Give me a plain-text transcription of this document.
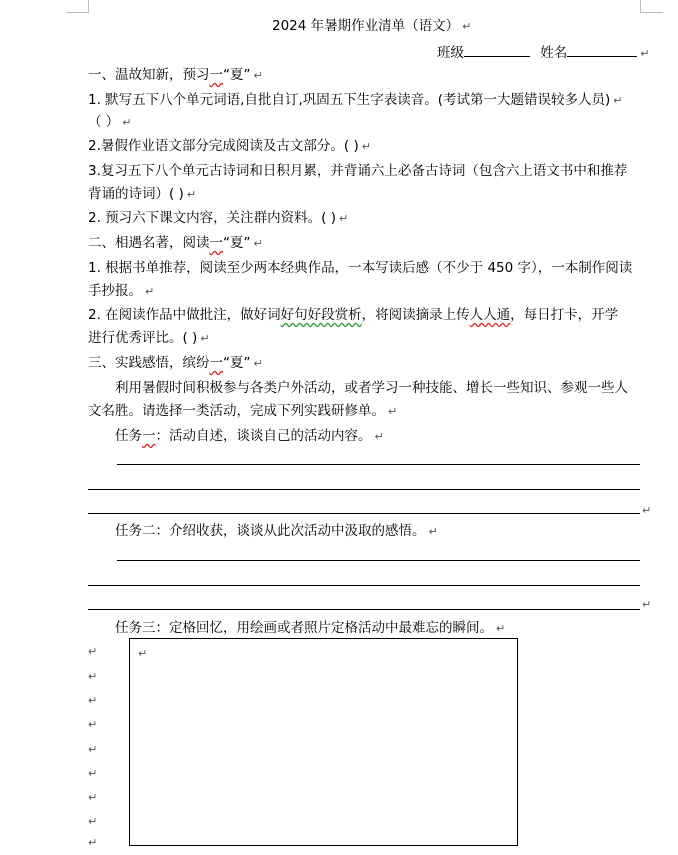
2024 年暑期作业清单（语文） ↵
班级	姓名	↵
一、温故知新，预习一“夏” ↵
1. 默写五下八个单元词语,自批自订,巩固五下生字表读音。(考试第一大题错误较多人员) ↵
（ ） ↵
2.暑假作业语文部分完成阅读及古文部分。( ) ↵
3.复习五下八个单元古诗词和日积月累，并背诵六上必备古诗词（包含六上语文书中和推荐
背诵的诗词）( ) ↵
2. 预习六下课文内容，关注群内资料。( ) ↵
二、相遇名著，阅读一“夏” ↵
1. 根据书单推荐，阅读至少两本经典作品，一本写读后感（不少于 450 字），一本制作阅读
手抄报。 ↵
2. 在阅读作品中做批注，做好词好句好段赏析，将阅读摘录上传人人通，每日打卡，开学
进行优秀评比。( ) ↵
三、实践感悟，缤纷一“夏” ↵
利用暑假时间积极参与各类户外活动，或者学习一种技能、增长一些知识、参观一些人
文名胜。请选择一类活动，完成下列实践研修单。 ↵
任务一：活动自述，谈谈自己的活动内容。 ↵
↵
任务二：介绍收获，谈谈从此次活动中汲取的感悟。 ↵
↵
任务三：定格回忆，用绘画或者照片定格活动中最难忘的瞬间。 ↵
↵
↵
↵
↵
↵
↵
↵
↵
↵
↵
